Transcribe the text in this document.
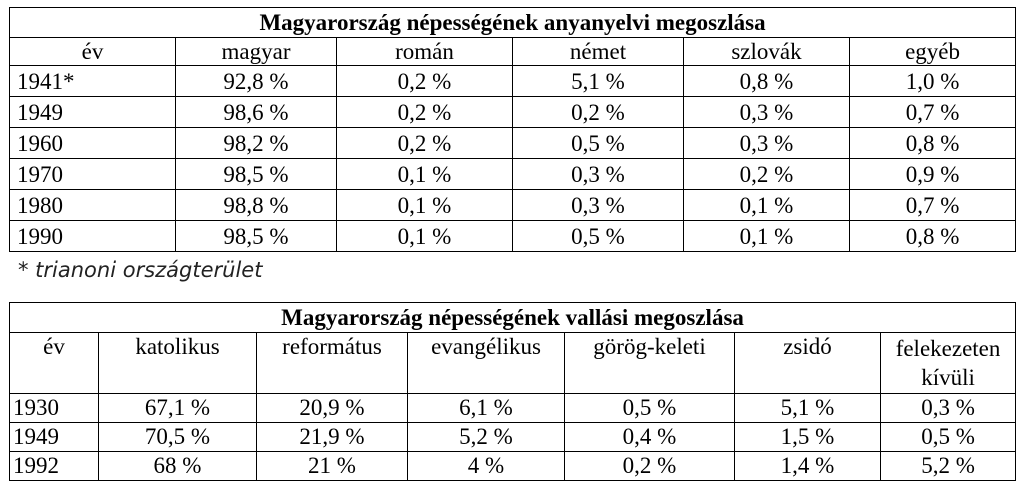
Magyarország népességének anyanyelvi megoszlása					
év	magyar	román	német	szlovák	egyéb
1941*	92,8 %	0,2 %	5,1 %	0,8 %	1,0 %
1949	98,6 %	0,2 %	0,2 %	0,3 %	0,7 %
1960	98,2 %	0,2 %	0,5 %	0,3 %	0,8 %
1970	98,5 %	0,1 %	0,3 %	0,2 %	0,9 %
1980	98,8 %	0,1 %	0,3 %	0,1 %	0,7 %
1990	98,5 %	0,1 %	0,5 %	0,1 %	0,8 %

* trianoni országterület

Magyarország népességének vallási megoszlása						
év	katolikus	református	evangélikus	görög-keleti	zsidó	felekezeten kívüli
1930	67,1 %	20,9 %	6,1 %	0,5 %	5,1 %	0,3 %
1949	70,5 %	21,9 %	5,2 %	0,4 %	1,5 %	0,5 %
1992	68 %	21 %	4 %	0,2 %	1,4 %	5,2 %
